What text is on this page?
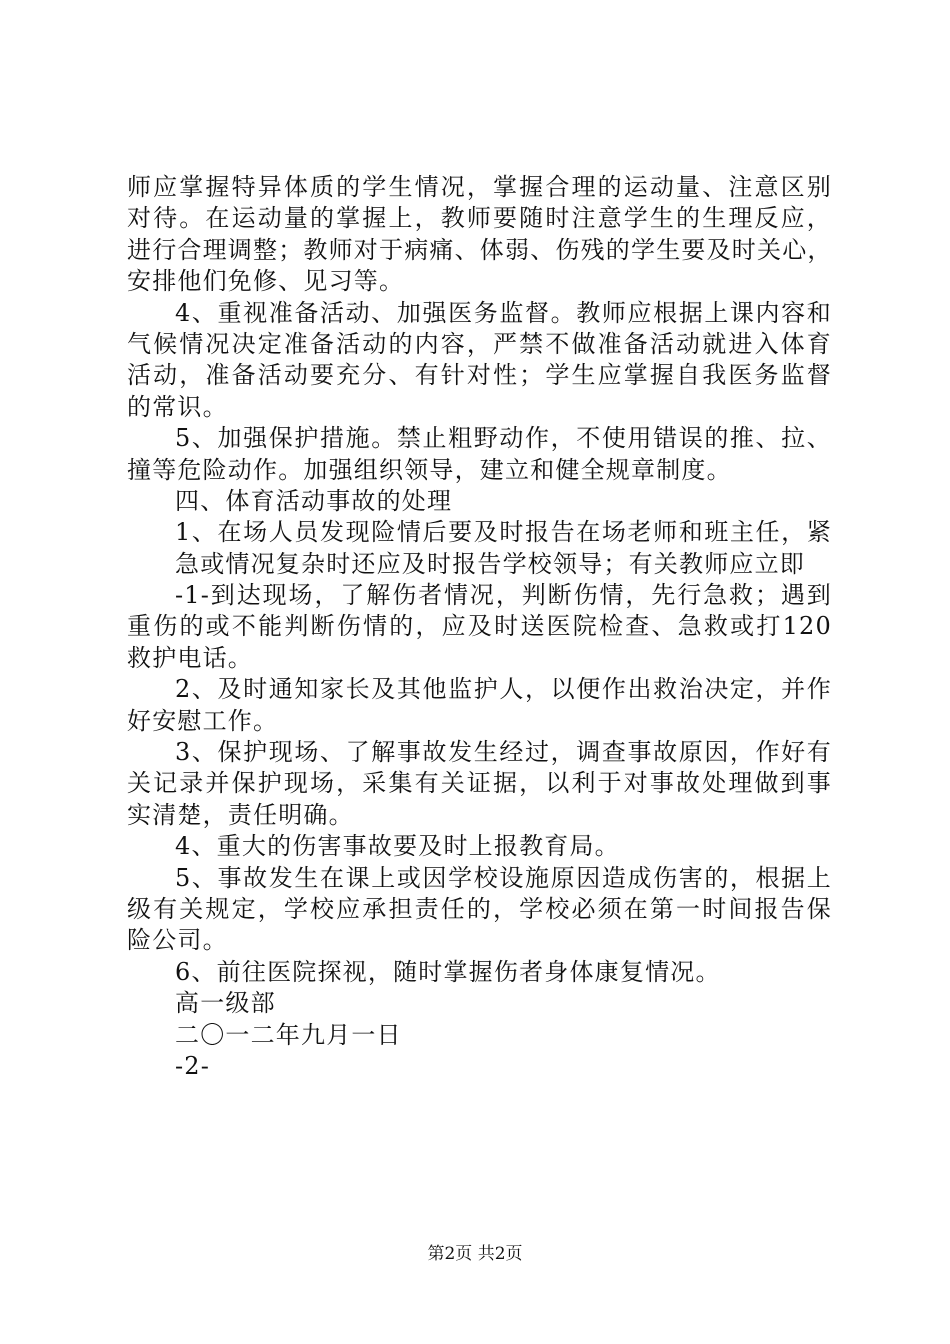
师应掌握特异体质的学生情况，掌握合理的运动量、注意区别
对待。在运动量的掌握上，教师要随时注意学生的生理反应，
进行合理调整；教师对于病痛、体弱、伤残的学生要及时关心，
安排他们免修、见习等。
4、重视准备活动、加强医务监督。教师应根据上课内容和
气候情况决定准备活动的内容，严禁不做准备活动就进入体育
活动，准备活动要充分、有针对性；学生应掌握自我医务监督
的常识。
5、加强保护措施。禁止粗野动作，不使用错误的推、拉、
撞等危险动作。加强组织领导，建立和健全规章制度。
四、体育活动事故的处理
1、在场人员发现险情后要及时报告在场老师和班主任，紧
急或情况复杂时还应及时报告学校领导；有关教师应立即
-1-到达现场，了解伤者情况，判断伤情，先行急救；遇到
重伤的或不能判断伤情的，应及时送医院检查、急救或打120
救护电话。
2、及时通知家长及其他监护人，以便作出救治决定，并作
好安慰工作。
3、保护现场、了解事故发生经过，调查事故原因，作好有
关记录并保护现场，采集有关证据，以利于对事故处理做到事
实清楚，责任明确。
4、重大的伤害事故要及时上报教育局。
5、事故发生在课上或因学校设施原因造成伤害的，根据上
级有关规定，学校应承担责任的，学校必须在第一时间报告保
险公司。
6、前往医院探视，随时掌握伤者身体康复情况。
高一级部
二〇一二年九月一日
-2-
第2页 共2页
